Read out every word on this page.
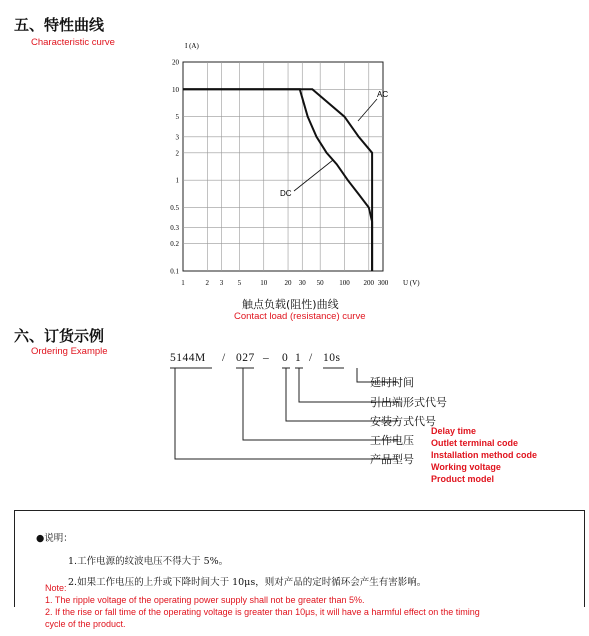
五、特性曲线
Characteristic curve
1	2 3 5	10 20 30 50 100 200 300
20
10
5
3
2
1
0.5
0.3
0.2
0.1
I (A)
U (V)
AC
DC
触点负载(阻性)曲线
Contact load (resistance) curve
六、订货示例
Ordering Example
5144M / 027 – 0 1 / 10s
延时时间
引出端形式代号
安装方式代号
工作电压
产品型号
Delay time
Outlet terminal code
Installation method code
Working voltage
Product model
●说明：
1.工作电源的纹波电压不得大于 5%。
2.如果工作电压的上升或下降时间大于 10μs，则对产品的定时循环会产生有害影响。
Note:
1. The ripple voltage of the operating power supply shall not be greater than 5%.
2. If the rise or fall time of the operating voltage is greater than 10μs, it will have a harmful effect on the timing
cycle of the product.
